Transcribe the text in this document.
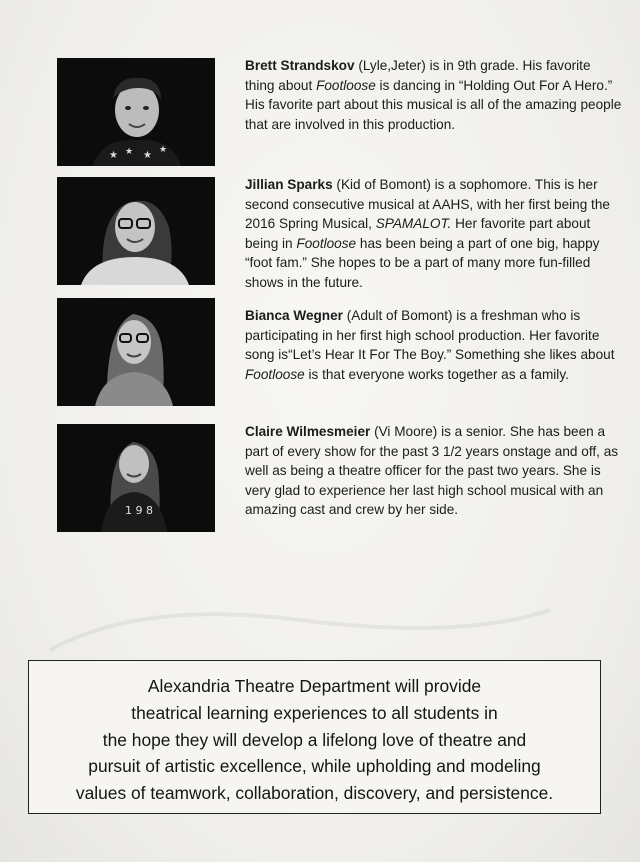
★ ★ ★
★

Brett Strandskov (Lyle,Jeter) is in 9th grade. His favorite thing about Footloose is dancing in “Holding Out For A Hero.” His favorite part about this musical is all of the amazing people that are involved in this production.

Jillian Sparks (Kid of Bomont) is a sophomore. This is her second consecutive musical at AAHS, with her first being the 2016 Spring Musical, SPAMALOT. Her favorite part about being in Footloose has been being a part of one big, happy “foot fam.” She hopes to be a part of many more fun-filled shows in the future.

Bianca Wegner (Adult of Bomont) is a freshman who is participating in her first high school production. Her favorite song is“Let’s Hear It For The Boy.” Something she likes about Footloose is that everyone works together as a family.

1 9 8

Claire Wilmesmeier (Vi Moore) is a senior. She has been a part of every show for the past 3 1/2 years onstage and off, as well as being a theatre officer for the past two years. She is very glad to experience her last high school musical with an amazing cast and crew by her side.

Alexandria Theatre Department will provide
theatrical learning experiences to all students in
the hope they will develop a lifelong love of theatre and
pursuit of artistic excellence, while upholding and modeling
values of teamwork, collaboration, discovery, and persistence.
